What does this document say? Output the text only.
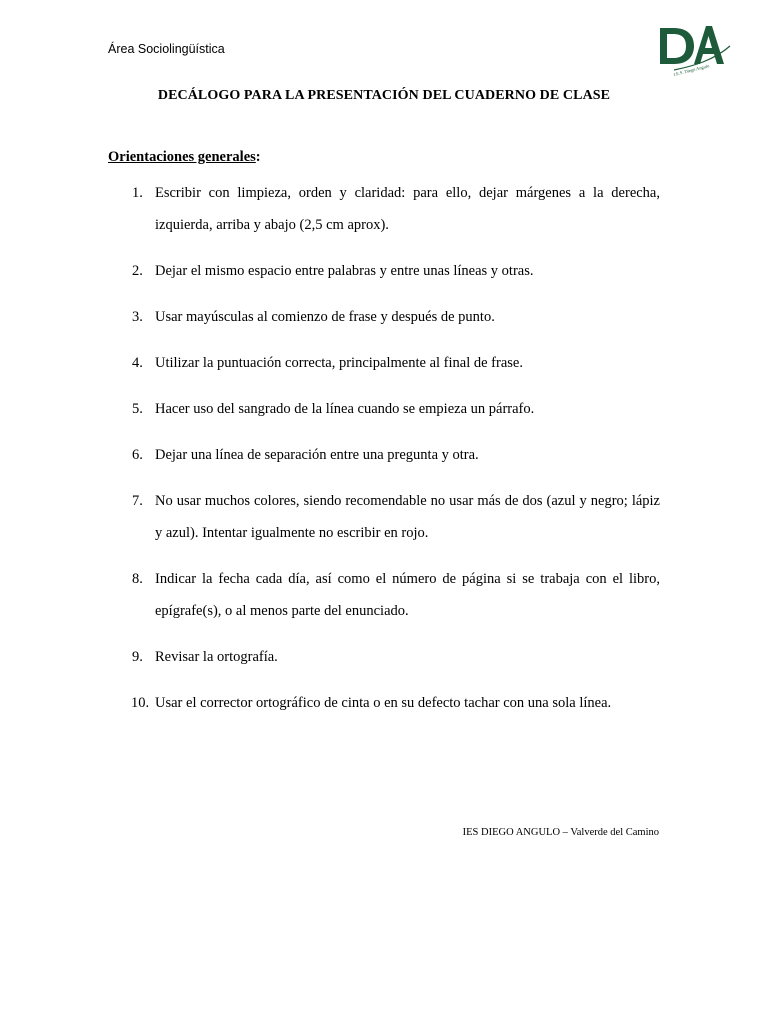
Área Sociolingüística
I.E.S. Diego Angulo
DECÁLOGO PARA LA PRESENTACIÓN DEL CUADERNO DE CLASE
Orientaciones generales:
1. Escribir con limpieza, orden y claridad: para ello, dejar márgenes a la derecha, izquierda, arriba y abajo (2,5 cm aprox).
2. Dejar el mismo espacio entre palabras y entre unas líneas y otras.
3. Usar mayúsculas al comienzo de frase y después de punto.
4. Utilizar la puntuación correcta, principalmente al final de frase.
5. Hacer uso del sangrado de la línea cuando se empieza un párrafo.
6. Dejar una línea de separación entre una pregunta y otra.
7. No usar muchos colores, siendo recomendable no usar más de dos (azul y negro; lápiz y azul). Intentar igualmente no escribir en rojo.
8. Indicar la fecha cada día, así como el número de página si se trabaja con el libro, epígrafe(s), o al menos parte del enunciado.
9. Revisar la ortografía.
10. Usar el corrector ortográfico de cinta o en su defecto tachar con una sola línea.
IES DIEGO ANGULO – Valverde del Camino
